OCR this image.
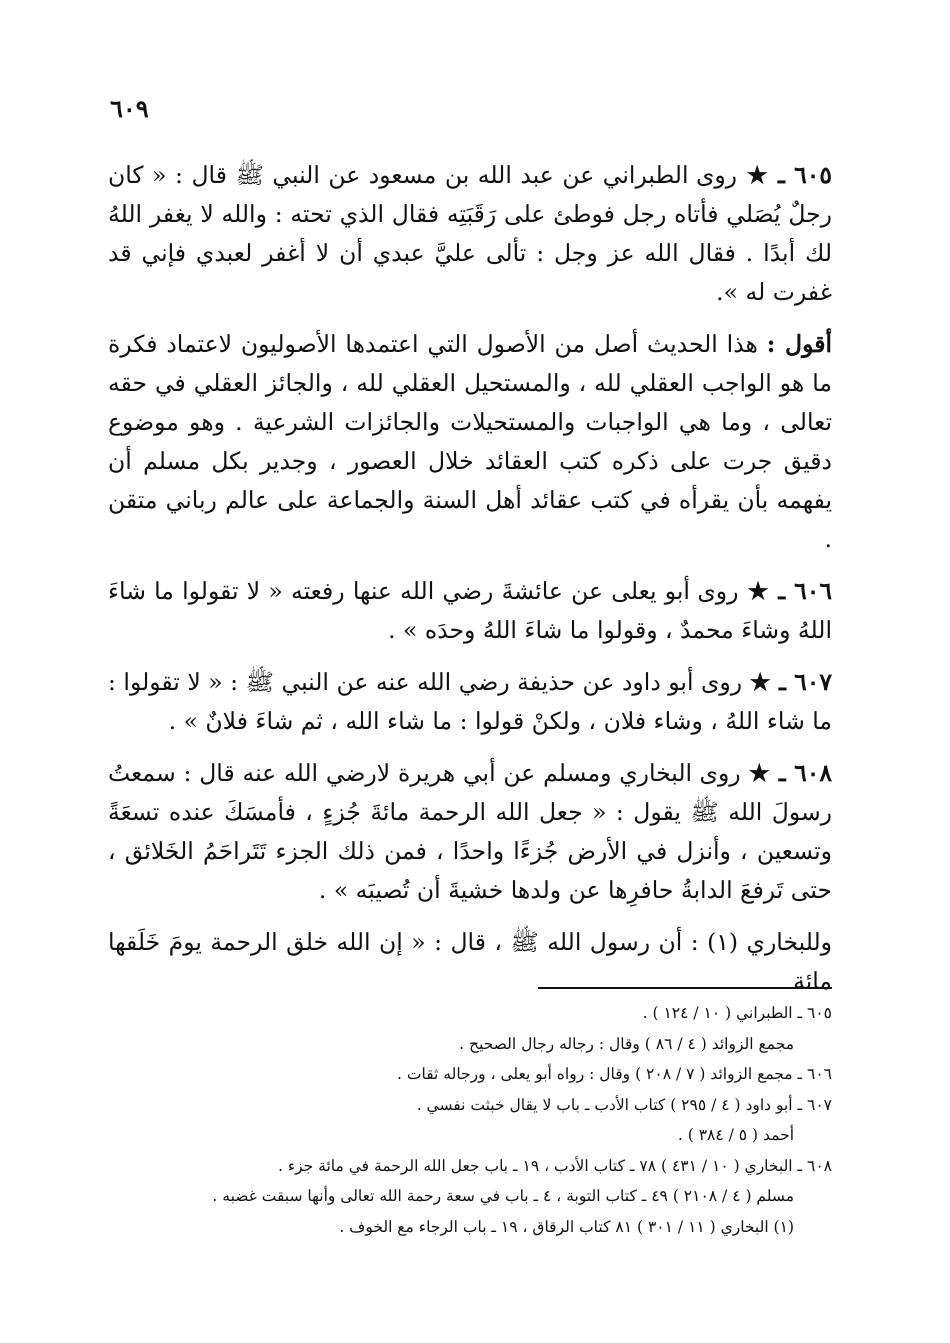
٦٠٩

٦٠٥ ـ ★ روى الطبراني عن عبد الله بن مسعود عن النبي ﷺ قال : « كان رجلٌ يُصَلي فأتاه رجل فوطئ على رَقَبَتِه فقال الذي تحته : والله لا يغفر اللهُ لك أبدًا . فقال الله عز وجل : تألى عليَّ عبدي أن لا أغفر لعبدي فإني قد غفرت له ».

أقول : هذا الحديث أصل من الأصول التي اعتمدها الأصوليون لاعتماد فكرة ما هو الواجب العقلي لله ، والمستحيل العقلي لله ، والجائز العقلي في حقه تعالى ، وما هي الواجبات والمستحيلات والجائزات الشرعية . وهو موضوع دقيق جرت على ذكره كتب العقائد خلال العصور ، وجدير بكل مسلم أن يفهمه بأن يقرأه في كتب عقائد أهل السنة والجماعة على عالم رباني متقن .

٦٠٦ ـ ★ روى أبو يعلى عن عائشةَ رضي الله عنها رفعته « لا تقولوا ما شاءَ اللهُ وشاءَ محمدٌ ، وقولوا ما شاءَ اللهُ وحدَه » .

٦٠٧ ـ ★ روى أبو داود عن حذيفة رضي الله عنه عن النبي ﷺ : « لا تقولوا : ما شاء اللهُ ، وشاء فلان ، ولكنْ قولوا : ما شاء الله ، ثم شاءَ فلانٌ » .

٦٠٨ ـ ★ روى البخاري ومسلم عن أبي هريرة لارضي الله عنه قال : سمعتُ رسولَ الله ﷺ يقول : « جعل الله الرحمة مائةَ جُزءٍ ، فأمسَكَ عنده تسعَةً وتسعين ، وأنزل في الأرض جُزءًا واحدًا ، فمن ذلك الجزء تَتَراحَمُ الخَلائق ، حتى تَرفعَ الدابةُ حافرِها عن ولدها خشيةَ أن تُصيبَه » .

وللبخاري (١) : أن رسول الله ﷺ ، قال : « إن الله خلق الرحمة يومَ خَلَقها مائة

٦٠٥ ـ الطبراني ( ١٠ / ١٢٤ ) .

مجمع الزوائد ( ٤ / ٨٦ ) وقال : رجاله رجال الصحيح .

٦٠٦ ـ مجمع الزوائد ( ٧ / ٢٠٨ ) وقال : رواه أبو يعلى ، ورجاله ثقات .

٦٠٧ ـ أبو داود ( ٤ / ٢٩٥ ) كتاب الأدب ـ باب لا يقال خبثت نفسي .

أحمد ( ٥ / ٣٨٤ ) .

٦٠٨ ـ البخاري ( ١٠ / ٤٣١ ) ٧٨ ـ كتاب الأدب ، ١٩ ـ باب جعل الله الرحمة في مائة جزء .

مسلم ( ٤ / ٢١٠٨ ) ٤٩ ـ كتاب التوبة ، ٤ ـ باب في سعة رحمة الله تعالى وأنها سبقت غضبه .

(١) البخاري ( ١١ / ٣٠١ ) ٨١ كتاب الرقاق ، ١٩ ـ باب الرجاء مع الخوف .
